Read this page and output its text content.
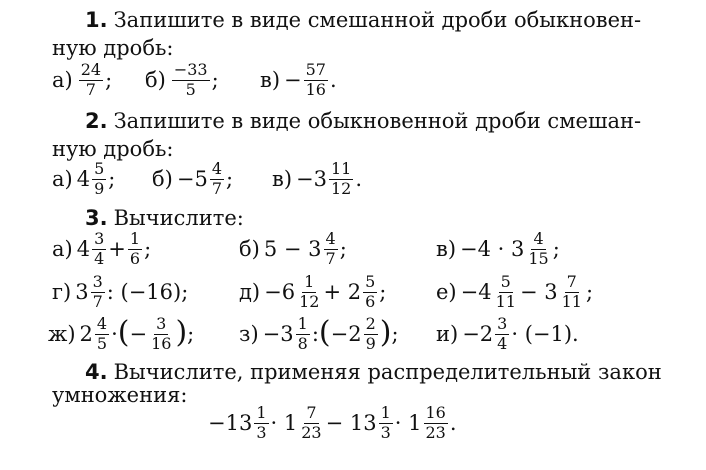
1. Запишите в виде смешанной дроби обыкновен-
ную дробь:
$а) \frac{24}{7}$ ; $б) \frac{-33}{5}$ ; $в) - \frac{57}{16}$ .
2. Запишите в виде обыкновенной дроби смешан-
ную дробь:
а) $4 \frac{5}{9}$ ; $б) -5 \frac{4}{7}$ ; $в) -3 \frac{11}{12}$ .
3. Вычислите:
а) $4 \frac{3}{4} + \frac{1}{6}$ ;	б) $5 - 3 \frac{4}{7}$ ;	$в) -4 \cdot 3 \frac{4}{15}$ ;
г) $3 \frac{3}{7}$ : (−16); $д) -6 \frac{1}{12} + 2 \frac{5}{6}$ ; $е) -4 \frac{5}{11} - 3 \frac{7}{11}$ ;
ж) $2 \frac{4}{5}$ · ( − $\frac{3}{16}$ ) ; $з) -3 \frac{1}{8}$ : ( $-2 \frac{2}{9}$ ) ; $и) -2 \frac{3}{4} \cdot (-1)$.
4. Вычислите, применяя распределительный закон
умножения:
$-13 \frac{1}{3} \cdot 1 \frac{7}{23} - 13 \frac{1}{3} \cdot 1 \frac{16}{23}$ .
